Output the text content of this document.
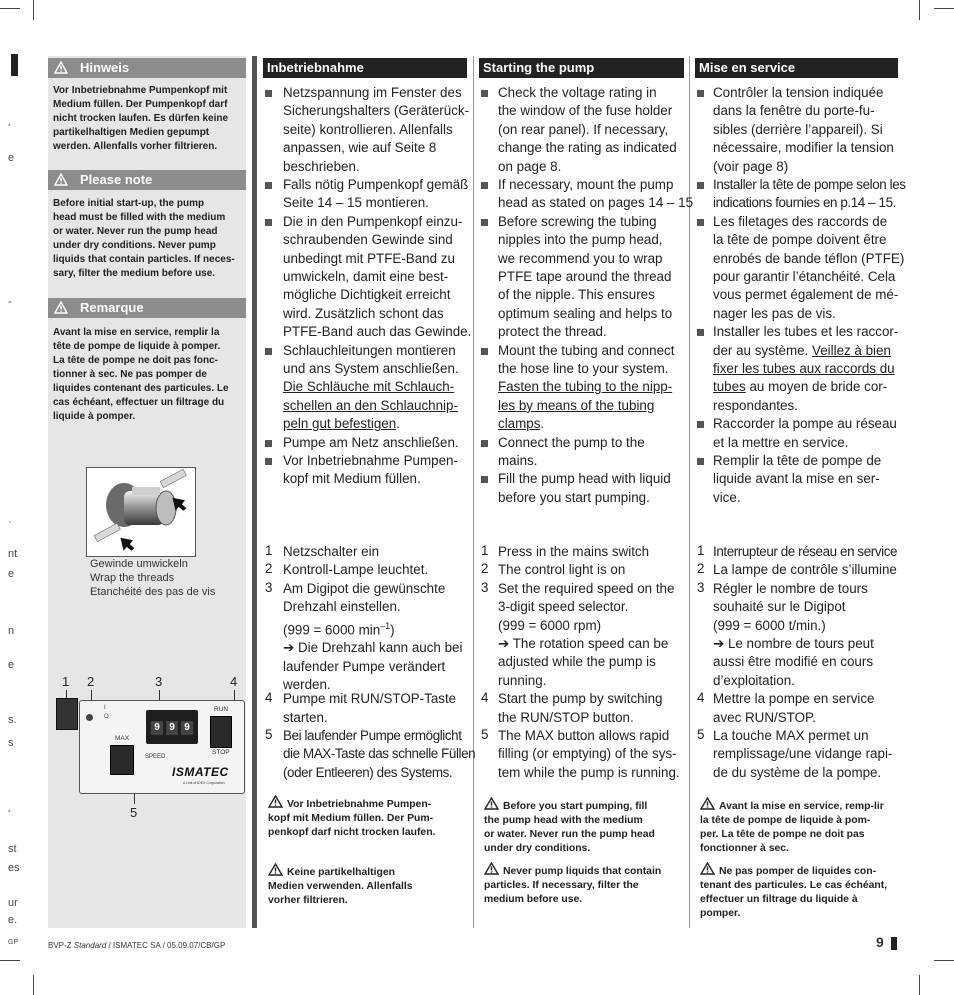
‘
e
-
·
nt
e
n
e
s.
s
‘
st
es
ur
e.
GP
Hinweis
Vor Inbetriebnahme Pumpenkopf mit
Medium füllen. Der Pumpenkopf darf
nicht trocken laufen. Es dürfen keine
partikelhaltigen Medien gepumpt
werden. Allenfalls vorher filtrieren.
Please note
Before initial start-up, the pump
head must be filled with the medium
or water. Never run the pump head
under dry conditions. Never pump
liquids that contain particles. If neces-
sary, filter the medium before use.
Remarque
Avant la mise en service, remplir la
tête de pompe de liquide à pomper.
La tête de pompe ne doit pas fonc-
tionner à sec. Ne pas pomper de
liquides contenant des particules. Le
cas échéant, effectuer un filtrage du
liquide à pomper.
Gewinde umwickeln
Wrap the threads
Etanchéité des pas de vis
1 2	3	4
5
I
O
9 9 9
RUN
STOP
MAX
SPEED
ISMATEC
A Unit of IDEX Corporation
Inbetriebnahme	Starting the pump	Mise en service
Netzspannung im Fenster des
Sicherungshalters (Geräterück-
seite) kontrollieren. Allenfalls
anpassen, wie auf Seite 8
beschrieben.
Falls nötig Pumpenkopf gemäß
Seite 14 – 15 montieren.
Die in den Pumpenkopf einzu-
schraubenden Gewinde sind
unbedingt mit PTFE-Band zu
umwickeln, damit eine best-
mögliche Dichtigkeit erreicht
wird. Zusätzlich schont das
PTFE-Band auch das Gewinde.
Schlauchleitungen montieren
und ans System anschließen.
Die Schläuche mit Schlauch-
schellen an den Schlauchnip-
peln gut befestigen.
Pumpe am Netz anschließen.
Vor Inbetriebnahme Pumpen-
kopf mit Medium füllen.
1 Netzschalter ein
2 Kontroll-Lampe leuchtet.
3 Am Digipot die gewünschte
Drehzahl einstellen.
(999 = 6000 $\min^{-1}$)
➔ Die Drehzahl kann auch bei
laufender Pumpe verändert
werden.
4 Pumpe mit RUN/STOP-Taste
starten.
5 Bei laufender Pumpe ermöglicht
die MAX-Taste das schnelle Füllen
(oder Entleeren) des Systems.
Vor Inbetriebnahme Pumpen-
kopf mit Medium füllen. Der Pum-
penkopf darf nicht trocken laufen.
Keine partikelhaltigen
Medien verwenden. Allenfalls
vorher filtrieren.
Check the voltage rating in
the window of the fuse holder
(on rear panel). If necessary,
change the rating as indicated
on page 8.
If necessary, mount the pump
head as stated on pages 14 – 15
Before screwing the tubing
nipples into the pump head,
we recommend you to wrap
PTFE tape around the thread
of the nipple. This ensures
optimum sealing and helps to
protect the thread.
Mount the tubing and connect
the hose line to your system.
Fasten the tubing to the nipp-
les by means of the tubing
clamps.
Connect the pump to the
mains.
Fill the pump head with liquid
before you start pumping.
1 Press in the mains switch
2 The control light is on
3 Set the required speed on the
3-digit speed selector.
(999 = 6000 rpm)
➔ The rotation speed can be
adjusted while the pump is
running.
4 Start the pump by switching
the RUN/STOP button.
5 The MAX button allows rapid
filling (or emptying) of the sys-
tem while the pump is running.
Before you start pumping, fill
the pump head with the medium
or water. Never run the pump head
under dry conditions.
Never pump liquids that contain
particles. If necessary, filter the
medium before use.
Contrôler la tension indiquée
dans la fenêtre du porte-fu-
sibles (derrière l’appareil). Si
nécessaire, modifier la tension
(voir page 8)
Installer la tête de pompe selon les
indications fournies en p.14 – 15.
Les filetages des raccords de
la tête de pompe doivent être
enrobés de bande téflon (PTFE)
pour garantir l’étanchéité. Cela
vous permet également de mé-
nager les pas de vis.
Installer les tubes et les raccor-
der au système. Veillez à bien
fixer les tubes aux raccords du
tubes au moyen de bride cor-
respondantes.
Raccorder la pompe au réseau
et la mettre en service.
Remplir la tête de pompe de
liquide avant la mise en ser-
vice.
1 Interrupteur de réseau en service
2 La lampe de contrôle s’illumine
3 Régler le nombre de tours
souhaité sur le Digipot
(999 = 6000 t/min.)
➔ Le nombre de tours peut
aussi être modifié en cours
d’exploitation.
4 Mettre la pompe en service
avec RUN/STOP.
5 La touche MAX permet un
remplissage/une vidange rapi-
de du système de la pompe.
Avant la mise en service, remp-lir
la tête de pompe de liquide à pom-
per. La tête de pompe ne doit pas
fonctionner à sec.
Ne pas pomper de liquides con-
tenant des particules. Le cas échéant,
effectuer un filtrage du liquide à
pomper.
BVP-Z Standard / ISMATEC SA / 05.09.07/CB/GP	9
